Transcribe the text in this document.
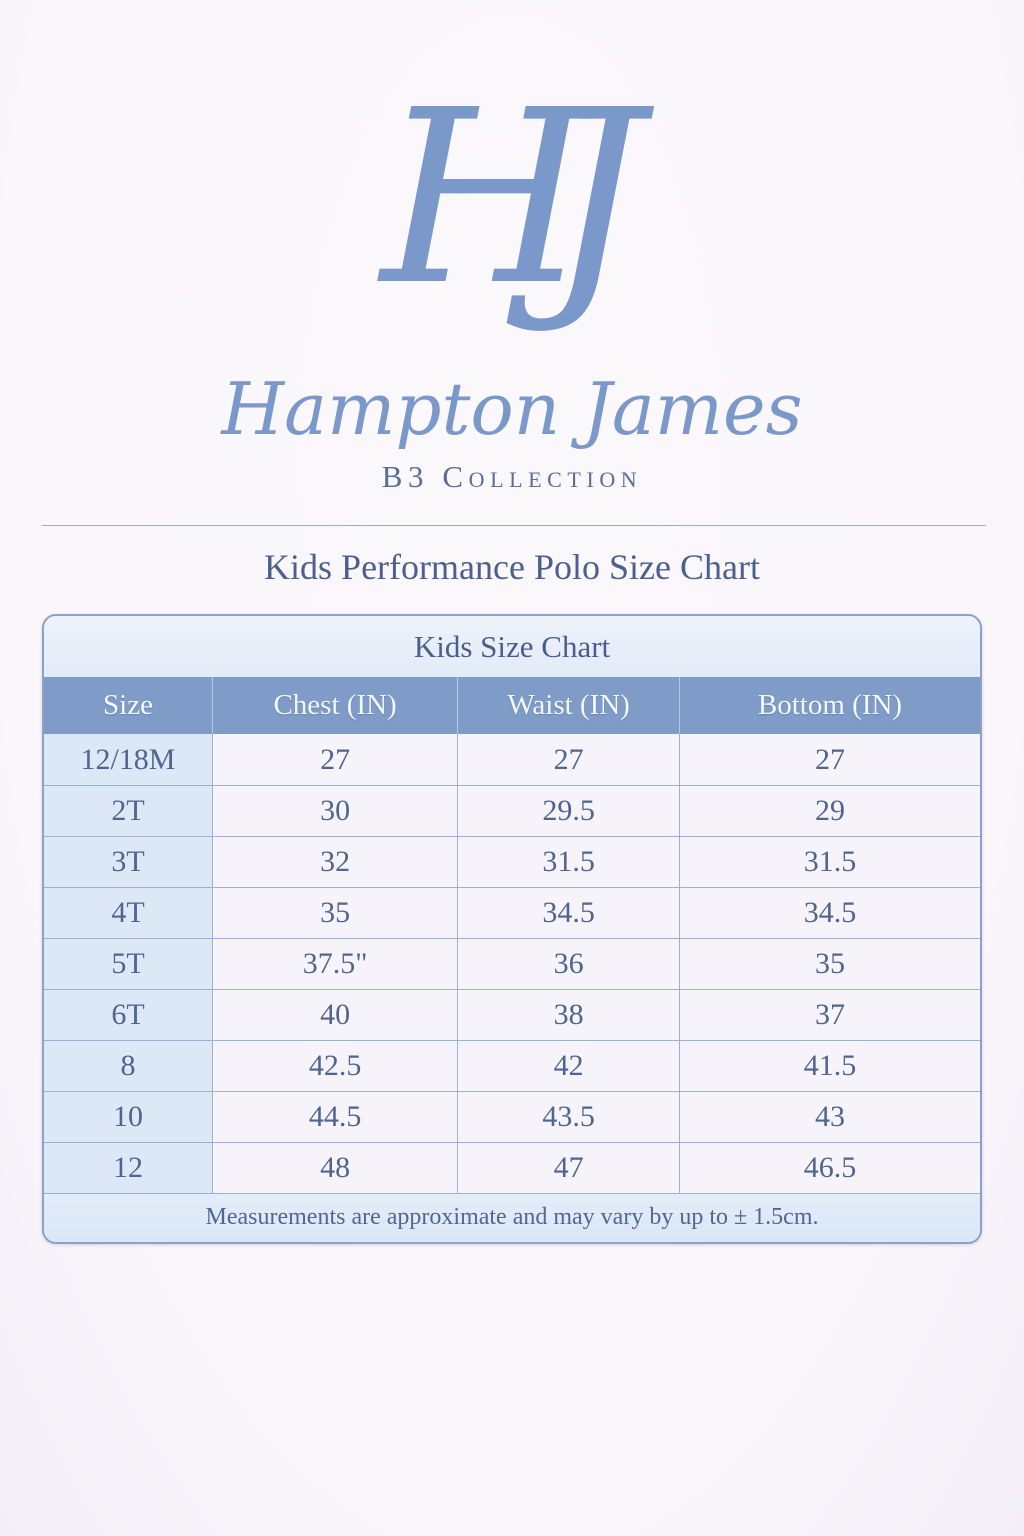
HJ
Hampton James
B3 Collection
Kids Performance Polo Size Chart
Kids Size Chart
Size	Chest (IN)	Waist (IN)	Bottom (IN)
12/18M	27	27	27
2T	30	29.5	29
3T	32	31.5	31.5
4T	35	34.5	34.5
5T	37.5"	36	35
6T	40	38	37
8	42.5	42	41.5
10	44.5	43.5	43
12	48	47	46.5
Measurements are approximate and may vary by up to ± 1.5cm.
